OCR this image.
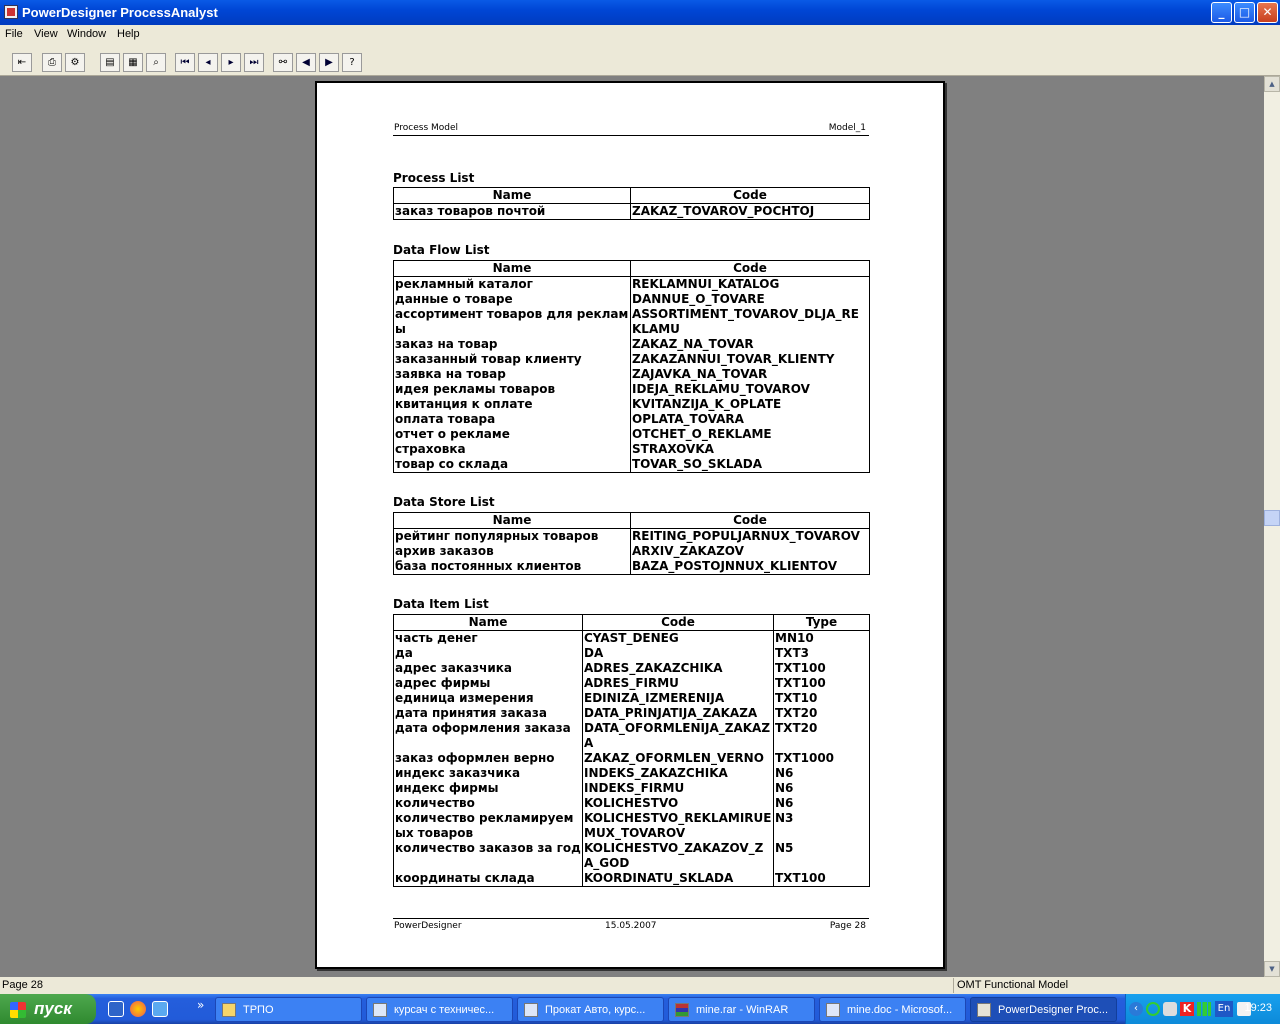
PowerDesigner ProcessAnalyst	_	□	✕
File View Window Help
⇤	⎙	⚙	▤	▦	⌕	⏮	◂	▸	⏭	⚯	◀	▶	?
▲
▼
Process Model	Model_1
Process List
Name	Code
заказ товаров почтой	ZAKAZ_TOVAROV_POCHTOJ
Data Flow List
Name	Code
рекламный каталог	REKLAMNUI_KATALOG
данные о товаре	DANNUE_O_TOVARE
ассортимент товаров для рекламы	ASSORTIMENT_TOVAROV_DLJA_REKLAMU
заказ на товар	ZAKAZ_NA_TOVAR
заказанный товар клиенту	ZAKAZANNUI_TOVAR_KLIENTY
заявка на товар	ZAJAVKA_NA_TOVAR
идея рекламы товаров	IDEJA_REKLAMU_TOVAROV
квитанция к оплате	KVITANZIJA_K_OPLATE
оплата товара	OPLATA_TOVARA
отчет о рекламе	OTCHET_O_REKLAME
страховка	STRAXOVKA
товар со склада	TOVAR_SO_SKLADA
Data Store List
Name	Code
рейтинг популярных товаров	REITING_POPULJARNUX_TOVAROV
архив заказов	ARXIV_ZAKAZOV
база постоянных клиентов	BAZA_POSTOJNNUX_KLIENTOV
Data Item List
Name	Code	Type
часть денег	CYAST_DENEG	MN10
да	DA	TXT3
адрес заказчика	ADRES_ZAKAZCHIKA	TXT100
адрес фирмы	ADRES_FIRMU	TXT100
единица измерения	EDINIZA_IZMERENIJA	TXT10
дата принятия заказа	DATA_PRINJATIJA_ZAKAZA	TXT20
дата оформления заказа	DATA_OFORMLENIJA_ZAKAZA	TXT20
заказ оформлен верно	ZAKAZ_OFORMLEN_VERNO	TXT1000
индекс заказчика	INDEKS_ZAKAZCHIKA	N6
индекс фирмы	INDEKS_FIRMU	N6
количество	KOLICHESTVO	N6
количество рекламируемых товаров	KOLICHESTVO_REKLAMIRUEMUX_TOVAROV	N3
количество заказов за год	KOLICHESTVO_ZAKAZOV_ZA_GOD	N5
координаты склада	KOORDINATU_SKLADA	TXT100
PowerDesigner	15.05.2007	Page 28
Page 28	OMT Functional Model
пуск	»	ТРПО	курсач с техничес...	Прокат Авто, курс...	mine.rar - WinRAR	mine.doc - Microsof...	PowerDesigner Proc...	‹	K	En 19:23
